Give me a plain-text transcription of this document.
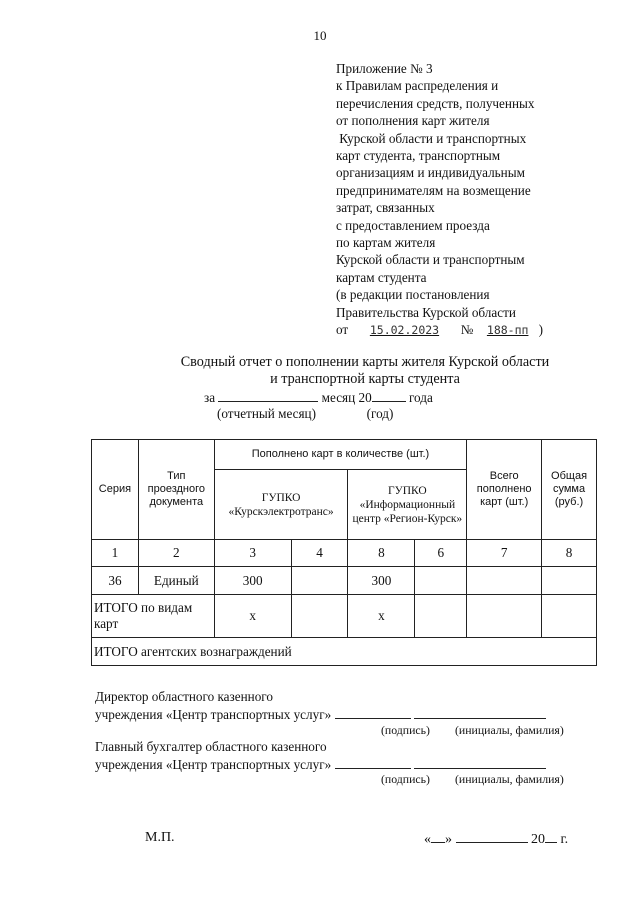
10
Приложение № 3
к Правилам распределения и
перечисления средств, полученных
от пополнения карт жителя
Курской области и транспортных
карт студента, транспортным
организациям и индивидуальным
предпринимателям на возмещение
затрат, связанных
с предоставлением проезда
по картам жителя
Курской области и транспортным
картам студента
(в редакции постановления
Правительства Курской области
от 15.02.2023 № 188-пп )
Сводный отчет о пополнении карты жителя Курской области
и транспортной карты студента
за	месяц 20	года
(отчетный месяц)	(год)
Серия	Тип проездного документа	Пополнено карт в количестве (шт.)				Всего пополнено карт (шт.)	Общая сумма (руб.)
		ГУПКО «Курскэлектротранс»		ГУПКО «Информационный центр «Регион-Курск»			
1	2	3	4	8	6	7	8
36	Единый	300		300			
ИТОГО по видам карт		x		x			
ИТОГО агентских вознаграждений							
Директор областного казенного
учреждения «Центр транспортных услуг»
(подпись) (инициалы, фамилия)
Главный бухгалтер областного казенного
учреждения «Центр транспортных услуг»
(подпись) (инициалы, фамилия)
М.П.	« »	20 г.
